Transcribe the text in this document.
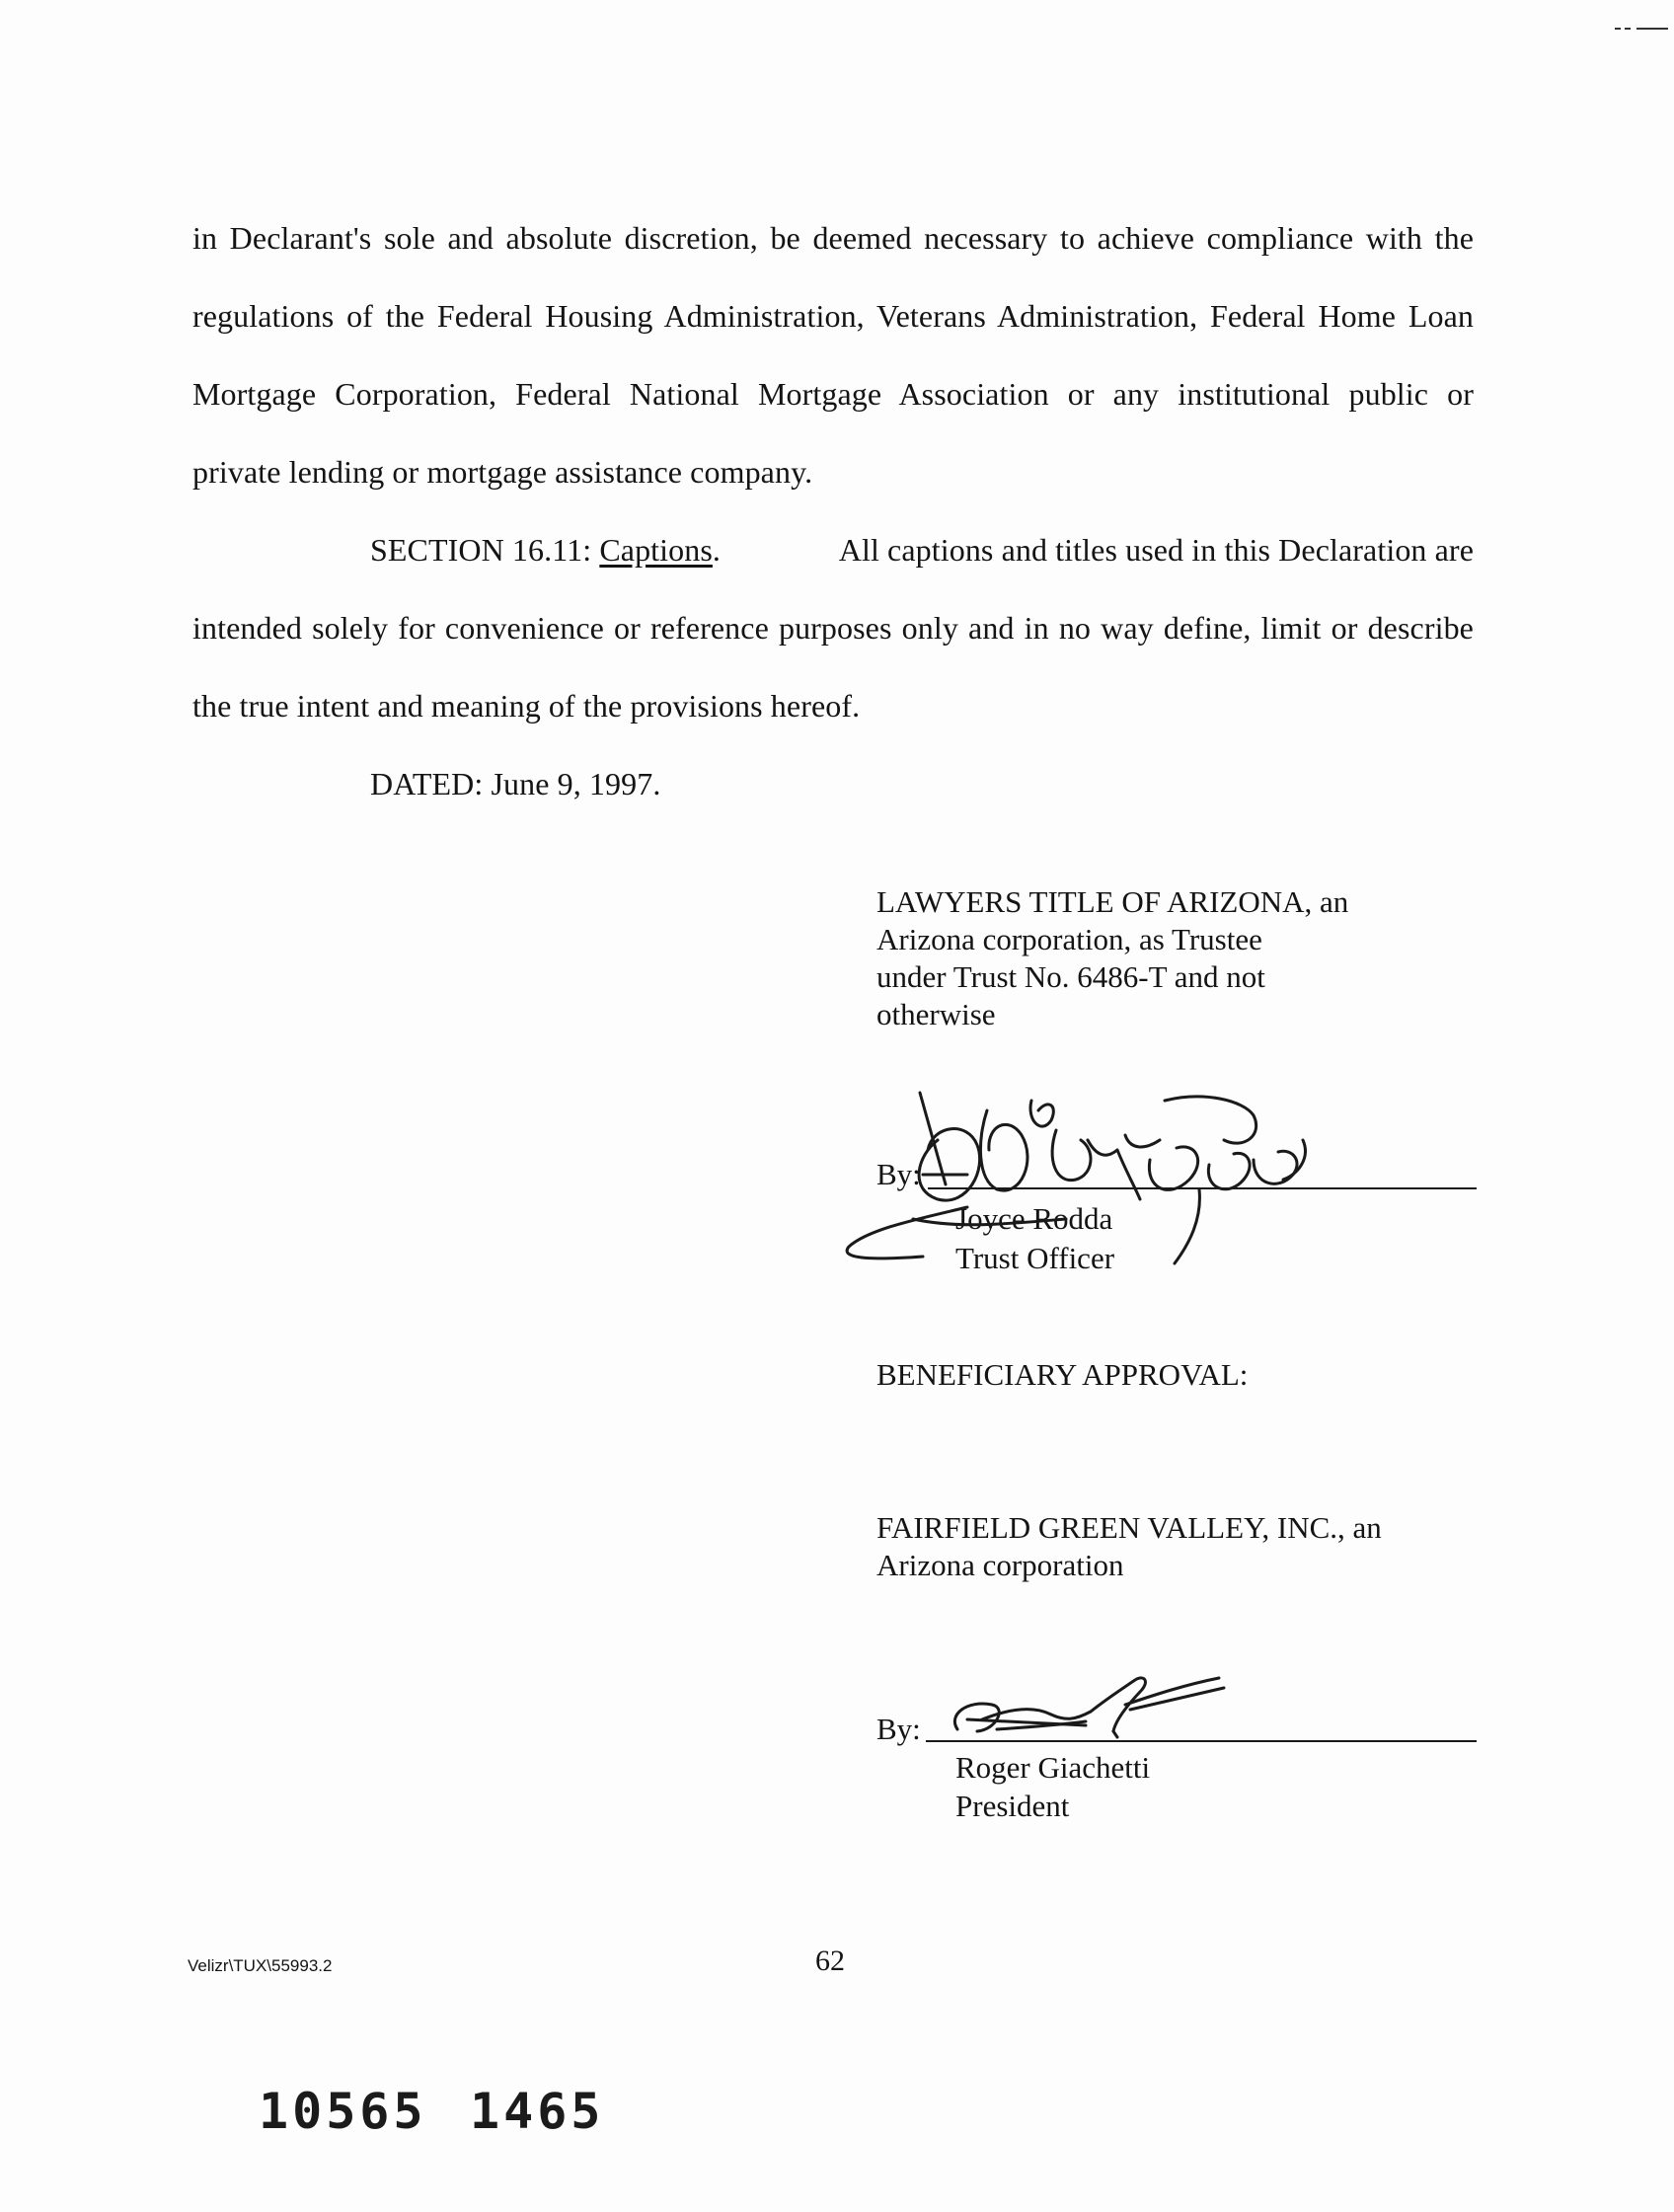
in Declarant's sole and absolute discretion, be deemed necessary to achieve compliance with the
regulations of the Federal Housing Administration, Veterans Administration, Federal Home Loan
Mortgage Corporation, Federal National Mortgage Association or any institutional public or
private lending or mortgage assistance company.
SECTION 16.11: Captions.	All captions and titles used in this Declaration are
intended solely for convenience or reference purposes only and in no way define, limit or describe
the true intent and meaning of the provisions hereof.
DATED: June 9, 1997.
LAWYERS TITLE OF ARIZONA, an
Arizona corporation, as Trustee
under Trust No. 6486-T and not
otherwise
By:
Joyce Rodda
Trust Officer
BENEFICIARY APPROVAL:
FAIRFIELD GREEN VALLEY, INC., an
Arizona corporation
By:
Roger Giachetti
President
Velizr\TUX\55993.2	62
10565 1465
